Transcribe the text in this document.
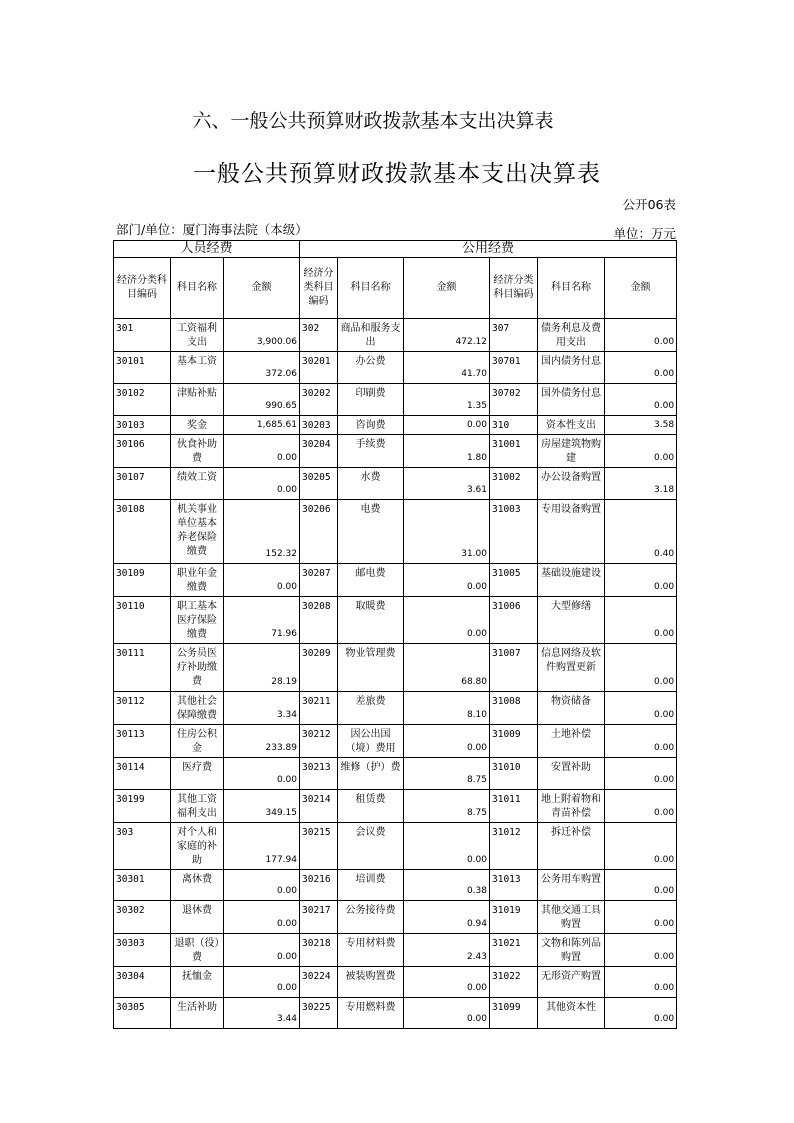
六、一般公共预算财政拨款基本支出决算表
一般公共预算财政拨款基本支出决算表
公开06表
部门/单位：厦门海事法院（本级）	单位：万元
人员经费			公用经费					
经济分类科目编码	科目名称	金额	经济分类科目编码	科目名称	金额	经济分类科目编码	科目名称	金额
301	工资福利支出	3,900.06	302	商品和服务支出	472.12	307	债务利息及费用支出	0.00
30101	基本工资	372.06	30201	办公费	41.70	30701	国内债务付息	0.00
30102	津贴补贴	990.65	30202	印刷费	1.35	30702	国外债务付息	0.00
30103	奖金	1,685.61	30203	咨询费	0.00	310	资本性支出	3.58
30106	伙食补助费	0.00	30204	手续费	1.80	31001	房屋建筑物购建	0.00
30107	绩效工资	0.00	30205	水费	3.61	31002	办公设备购置	3.18
30108	机关事业单位基本养老保险缴费	152.32	30206	电费	31.00	31003	专用设备购置	0.40
30109	职业年金缴费	0.00	30207	邮电费	0.00	31005	基础设施建设	0.00
30110	职工基本医疗保险缴费	71.96	30208	取暖费	0.00	31006	大型修缮	0.00
30111	公务员医疗补助缴费	28.19	30209	物业管理费	68.80	31007	信息网络及软件购置更新	0.00
30112	其他社会保障缴费	3.34	30211	差旅费	8.10	31008	物资储备	0.00
30113	住房公积金	233.89	30212	因公出国（境）费用	0.00	31009	土地补偿	0.00
30114	医疗费	0.00	30213	维修（护）费	8.75	31010	安置补助	0.00
30199	其他工资福利支出	349.15	30214	租赁费	8.75	31011	地上附着物和青苗补偿	0.00
303	对个人和家庭的补助	177.94	30215	会议费	0.00	31012	拆迁补偿	0.00
30301	离休费	0.00	30216	培训费	0.38	31013	公务用车购置	0.00
30302	退休费	0.00	30217	公务接待费	0.94	31019	其他交通工具购置	0.00
30303	退职（役）费	0.00	30218	专用材料费	2.43	31021	文物和陈列品购置	0.00
30304	抚恤金	0.00	30224	被装购置费	0.00	31022	无形资产购置	0.00
30305	生活补助	3.44	30225	专用燃料费	0.00	31099	其他资本性	0.00
